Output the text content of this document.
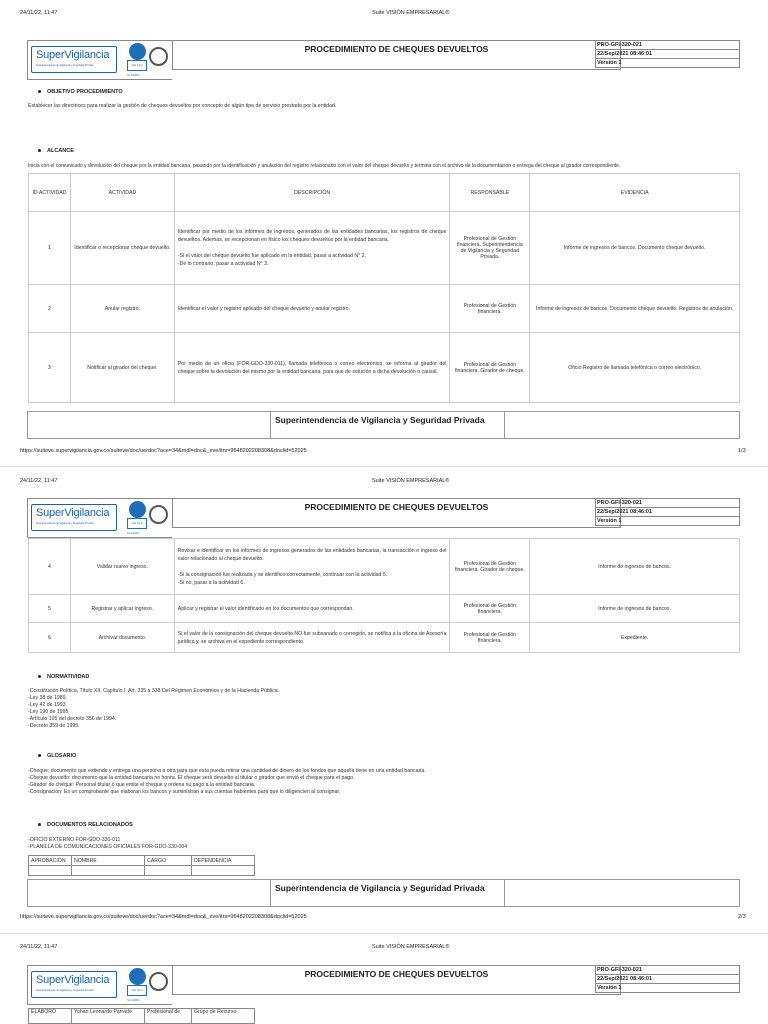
24/11/22, 11:47	Suite VISIÓN EMPRESARIAL®
SuperVigilancia
Superintendencia de Vigilancia y Seguridad Privada	Del azul
SC-CER00
PROCEDIMIENTO DE CHEQUES DEVUELTOS	PRO-GFI-320-021
22/Sep/2021 08:46:01
Versión 1
OBJETIVO PROCEDIMIENTO
Establecer las directrices para realizar la gestión de cheques devueltos por concepto de algún tipo de servicio prestado por la entidad.
ALCANCE
Inicia con el comunicado y devolución del cheque por la entidad bancaria, pasando por la identificación y anulación del registro relacionado con el valor del cheque devuelto y termina con el archivo de la documentación o entrega del cheque al girador correspondiente.
ID ACTIVIDAD	ACTIVIDAD	DESCRIPCIÓN	RESPONSABLE	EVIDENCIA
1	Identificar o recepcionar cheque devuelto.	Identificar por medio de los informes de ingresos, generados de las entidades bancarias, los registros de cheque devueltos. Además, se recepcionan en físico los cheques devueltos por la entidad bancaria.

-Si el valor del cheque devuelto fue aplicado en la entidad, pasar a actividad N° 2.
-De lo contrario, pasar a actividad N° 3.	Profesional de Gestión financiera. Superintendencia de Vigilancia y Seguridad Privada.	Informe de ingresos de bancos. Documento cheque devuelto.
2	Anular registro.	Identificar el valor y registro aplicado del cheque devuelto y anular registro.	Profesional de Gestión financiera.	Informe de ingresos de bancos. Documento cheque devuelto. Registros de anulación.
3	Notificar al girador del cheque.	Por medio de un oficio (FOR-GDO-330-011), llamada telefónica o correo electrónico, se informa al girador del cheque sobre la devolución del mismo por la entidad bancaria, para que de solución a dicha devolución o causal.	Profesional de Gestión financiera. Girador de cheque.	Oficio Registro de llamada telefónica o correo electrónico.
Superintendencia de Vigilancia y Seguridad Privada
https://suiteve.supervigilancia.gov.co/suiteve/doc/uerdoc?ace=34&mdl=doc&_eve/itrs=9648202208308&doclid=52025	1/3
24/11/22, 11:47	Suite VISIÓN EMPRESARIAL®
SuperVigilancia
Superintendencia de Vigilancia y Seguridad Privada	Del azul
SC-CER00
PROCEDIMIENTO DE CHEQUES DEVUELTOS	PRO-GFI-320-021
22/Sep/2021 08:46:01
Versión 1
4	Validar nuevo ingreso.	Revisar e identificar en los informes de ingresos generados de las entidades bancarias, la transacción e ingreso del valor relacionado al cheque devuelto.

-Si la consignación fue realizada y se identifico correctamente, continuar con la actividad 5.
-Si no, pasar a la actividad 6.	Profesional de Gestión financiera. Girador de cheque.	Informe de ingresos de bancos.
5	Registrar y aplicar ingreso.	Aplicar y registrar el valor identificado en los documentos que correspondan.	Profesional de Gestión financiera.	Informe de ingresos de bancos.
6	Archivar documento.	Si el valor de la consignación del cheque devuelto NO fue subsanado o corregido, se notifica a la oficina de Asesoría jurídica y, se archiva en el expediente correspondiente.	Profesional de Gestión financiera.	Expediente.
NORMATIVIDAD
-Constitución Política, Título XII, Capítulo I, Art. 335 a 338 Del Régimen Económico y de la Hacienda Pública.
-Ley 38 de 1989.
-Ley 42 de 1993.
-Ley 190 de 1995
-Artículo 105 del decreto 356 de 1994.
-Decreto 359 de 1995.
GLOSARIO
-Cheque: documento que extiende y entrega una persona a otra para que esta pueda retirar una cantidad de dinero de los fondos que aquella tiene en una entidad bancaria.
-Cheque devuelto: documento que la entidad bancaria no honra. El cheque será devuelto al titular o girador que envió el cheque para el pago.
-Girador de cheque: Personal titular o que emite el cheque y ordena su pago a la entidad bancaria.
-Consignación: Es un comprobante que elaboran los bancos y suministran a sus cuentas habientes para que lo diligencien al consignar.
DOCUMENTOS RELACIONADOS
-OFICIO EXTERNO FOR-GDO-330-011
-PLANILLA DE COMUNICACIONES OFICIALES FOR-GDO-330-004
APROBACIÓN	NOMBRE	CARGO	DEPENDENCIA

Superintendencia de Vigilancia y Seguridad Privada
https://suiteve.supervigilancia.gov.co/suiteve/doc/uerdoc?ace=34&mdl=doc&_eve/itrs=9648202208308&doclid=52025	2/3
24/11/22, 11:47	Suite VISIÓN EMPRESARIAL®
SuperVigilancia
Superintendencia de Vigilancia y Seguridad Privada	Del azul
SC-CER00
PROCEDIMIENTO DE CHEQUES DEVUELTOS	PRO-GFI-320-021
22/Sep/2021 08:46:01
Versión 1
ELABORÓ	Yohan Leonardo Parrado	Profesional de	Grupo de Recurso
